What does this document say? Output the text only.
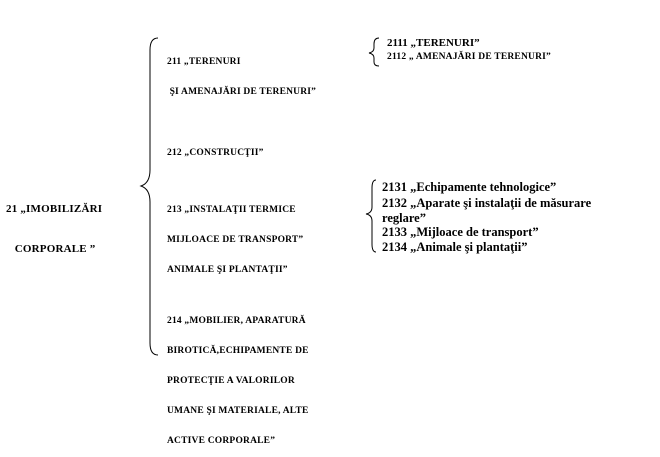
21 „IMOBILIZĂRI

CORPORALE ”

211 „TERENURI

ŞI AMENAJĂRI DE TERENURI”

212 „CONSTRUCŢII”

213 „INSTALAŢII TERMICE

MIJLOACE DE TRANSPORT”

ANIMALE ŞI PLANTAŢII”

214 „MOBILIER, APARATURĂ

BIROTICĂ,ECHIPAMENTE DE

PROTECŢIE A VALORILOR

UMANE ŞI MATERIALE, ALTE

ACTIVE CORPORALE”

2111 „TERENURI”
2112 „ AMENAJĂRI DE TERENURI”
2131 „Echipamente tehnologice”
2132 „Aparate şi instalaţii de măsurare
reglare”
2133 „Mijloace de transport”
2134 „Animale şi plantaţii”
